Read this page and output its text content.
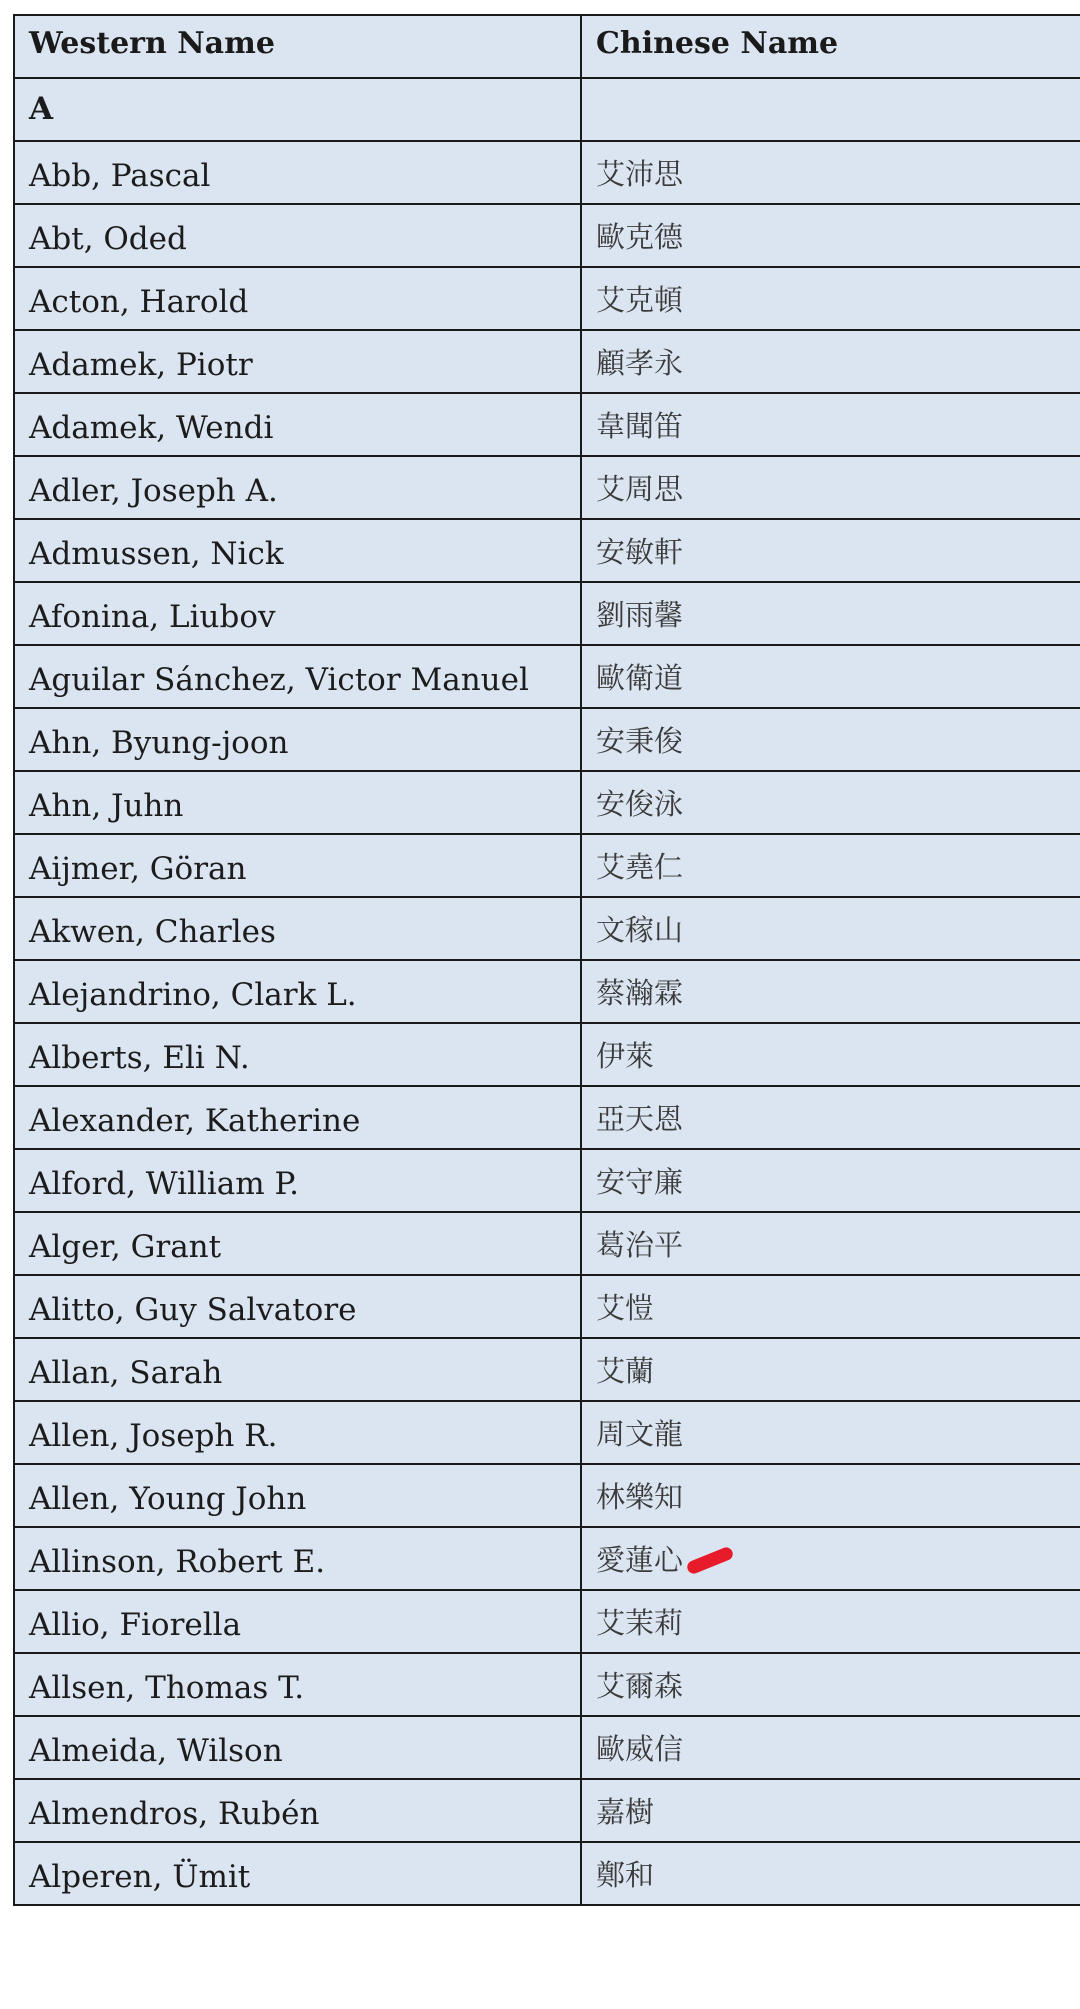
Western Name	Chinese Name
A	
Abb, Pascal	艾沛思
Abt, Oded	歐克德
Acton, Harold	艾克頓
Adamek, Piotr	顧孝永
Adamek, Wendi	韋聞笛
Adler, Joseph A.	艾周思
Admussen, Nick	安敏軒
Afonina, Liubov	劉雨馨
Aguilar Sánchez, Victor Manuel	歐衛道
Ahn, Byung-joon	安秉俊
Ahn, Juhn	安俊泳
Aijmer, Göran	艾堯仁
Akwen, Charles	文稼山
Alejandrino, Clark L.	蔡瀚霖
Alberts, Eli N.	伊萊
Alexander, Katherine	亞天恩
Alford, William P.	安守廉
Alger, Grant	葛治平
Alitto, Guy Salvatore	艾愷
Allan, Sarah	艾蘭
Allen, Joseph R.	周文龍
Allen, Young John	林樂知
Allinson, Robert E.	愛蓮心

Allio, Fiorella	艾茉莉
Allsen, Thomas T.	艾爾森
Almeida, Wilson	歐威信
Almendros, Rubén	嘉樹
Alperen, Ümit	鄭和
